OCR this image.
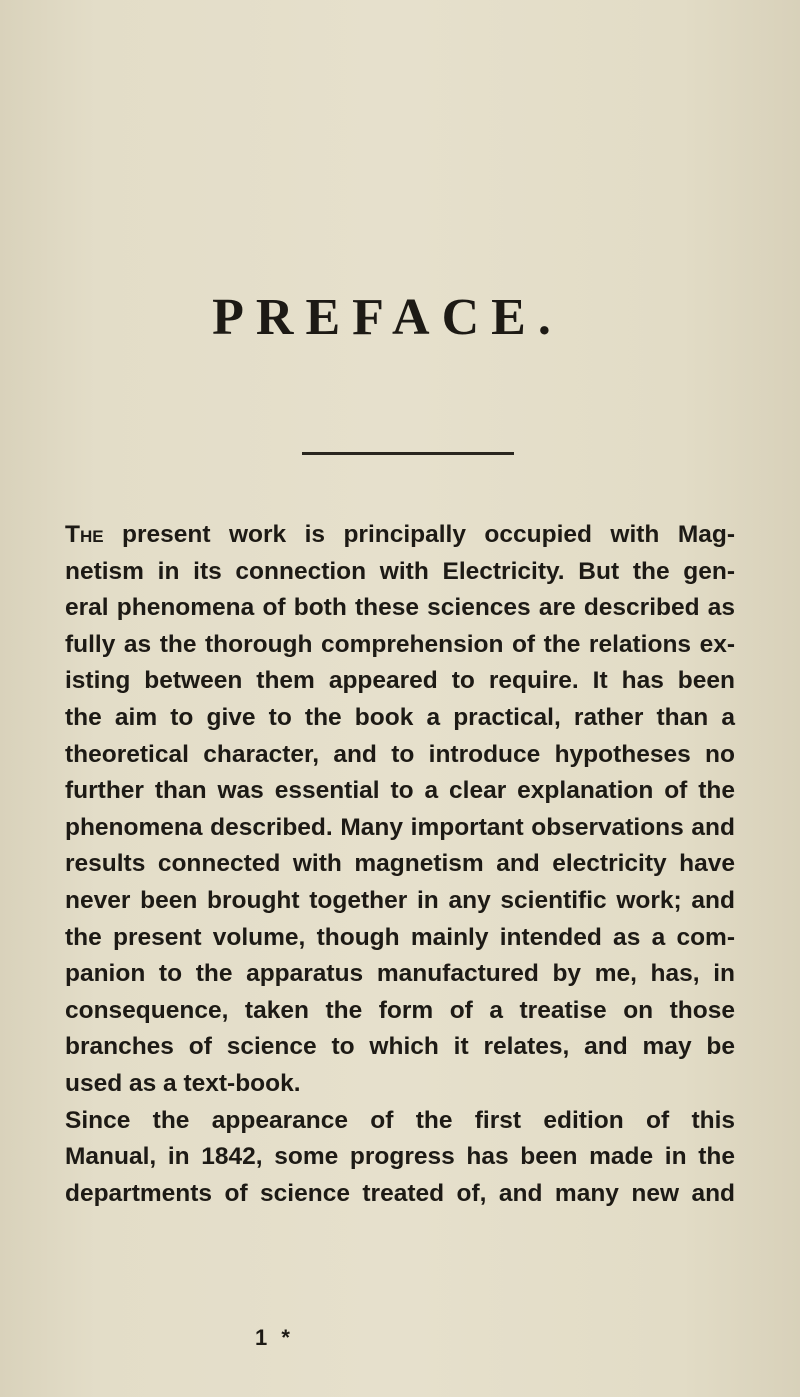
PREFACE.
The present work is principally occupied with Mag-
netism in its connection with Electricity. But the gen-
eral phenomena of both these sciences are described as
fully as the thorough comprehension of the relations ex-
isting between them appeared to require. It has been
the aim to give to the book a practical, rather than a
theoretical character, and to introduce hypotheses no
further than was essential to a clear explanation of the
phenomena described. Many important observations and
results connected with magnetism and electricity have
never been brought together in any scientific work; and
the present volume, though mainly intended as a com-
panion to the apparatus manufactured by me, has, in
consequence, taken the form of a treatise on those
branches of science to which it relates, and may be
used as a text-book.
Since the appearance of the first edition of this
Manual, in 1842, some progress has been made in the
departments of science treated of, and many new and
1 *
